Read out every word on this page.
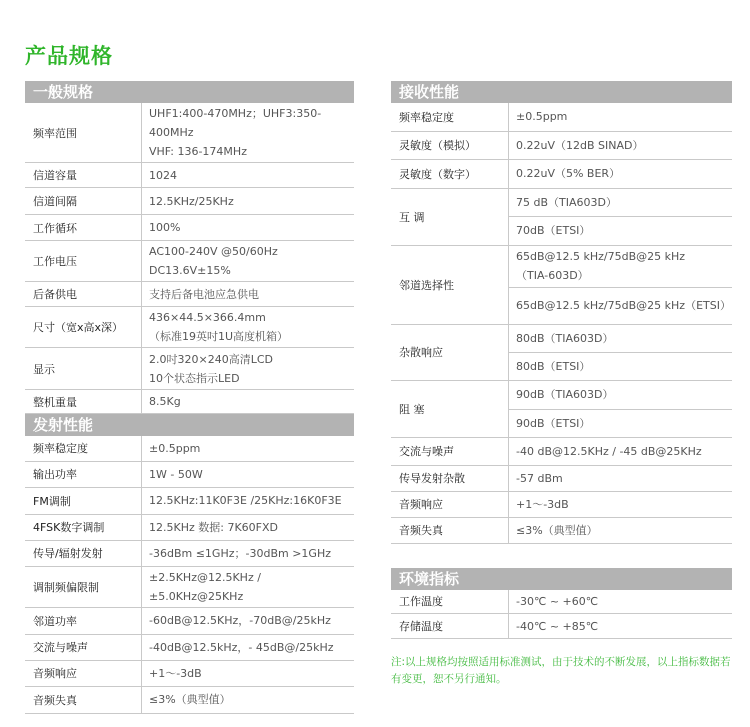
产品规格
一般规格
频率范围	UHF1:400-470MHz；UHF3:350-400MHz
VHF: 136-174MHz

信道容量	1024
信道间隔	12.5KHz/25KHz
工作循环	100%
工作电压	AC100-240V @50/60Hz
DC13.6V±15%

后备供电	支持后备电池应急供电
尺寸（宽x高x深）	436×44.5×366.4mm
（标准19英吋1U高度机箱）

显示	2.0吋320×240高清LCD
10个状态指示LED

整机重量	8.5Kg
发射性能
频率稳定度	±0.5ppm
输出功率	1W - 50W
FM调制	12.5KHz:11K0F3E /25KHz:16K0F3E
4FSK数字调制	12.5KHz 数据: 7K60FXD
传导/辐射发射	-36dBm ≤1GHz；-30dBm >1GHz
调制频偏限制	±2.5KHz@12.5KHz / ±5.0KHz@25KHz
邻道功率	-60dB@12.5KHz，-70dB@/25kHz
交流与噪声	-40dB@12.5kHz，- 45dB@/25kHz
音频响应	+1～-3dB
音频失真	≤3%（典型值）
接收性能
频率稳定度	±0.5ppm
灵敏度（模拟）	0.22uV（12dB SINAD）
灵敏度（数字）	0.22uV（5% BER）
互 调	75 dB（TIA603D）
	70dB（ETSI）
邻道选择性	65dB@12.5 kHz/75dB@25 kHz
（TIA-603D）

	65dB@12.5 kHz/75dB@25 kHz（ETSI）
杂散响应	80dB（TIA603D）
	80dB（ETSI）
阻 塞	90dB（TIA603D）
	90dB（ETSI）
交流与噪声	-40 dB@12.5KHz / -45 dB@25KHz
传导发射杂散	-57 dBm
音频响应	+1～-3dB
音频失真	≤3%（典型值）
环境指标
工作温度	-30℃ ~ +60℃
存储温度	-40℃ ~ +85℃
注:以上规格均按照适用标准测试，由于技术的不断发展，以上指标数据若有变更，恕不另行通知。
